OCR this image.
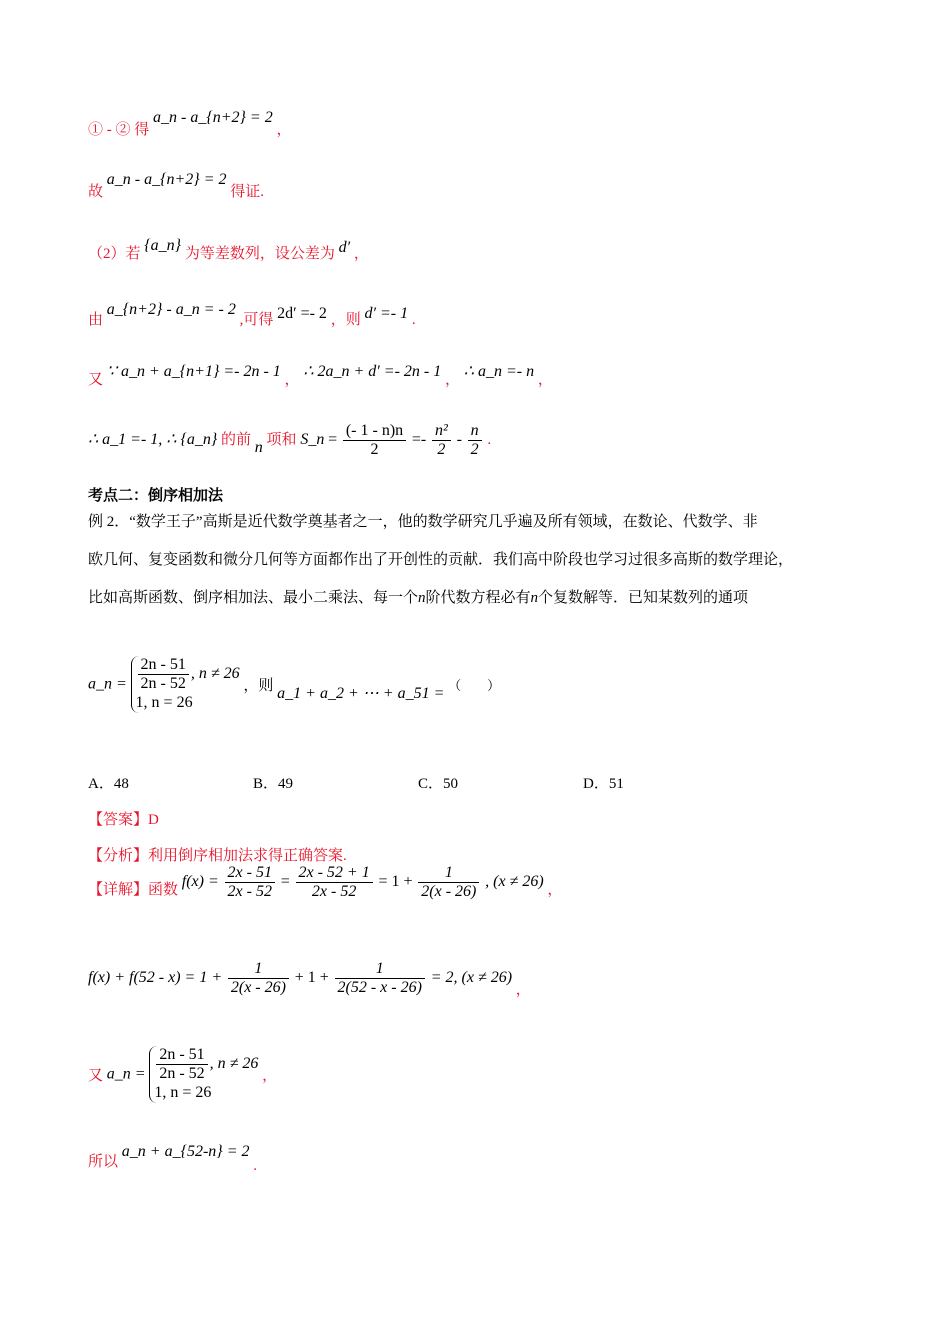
① - ② 得 a_n - a_{n+2} = 2 ，
故 a_n - a_{n+2} = 2 得证.
（2）若 {a_n} 为等差数列，设公差为 d′ ，
由 a_{n+2} - a_n = - 2 ,可得 2d′ =- 2 ，则 d′ =- 1 .
又 ∵ a_n + a_{n+1} =- 2n - 1 ， ∴ 2a_n + d′ =- 2n - 1 ， ∴ a_n =- n ，
∴ a_1 =- 1, ∴ {a_n} 的前 n 项和 S_n = $\frac{(- 1 - n)n}{2} =- \frac{\text{n²}}{2} - \frac{n}{2}$ .
考点二：倒序相加法
例 2．“数学王子”高斯是近代数学奠基者之一，他的数学研究几乎遍及所有领域，在数论、代数学、非
欧几何、复变函数和微分几何等方面都作出了开创性的贡献．我们高中阶段也学习过很多高斯的数学理论，
比如高斯函数、倒序相加法、最小二乘法、每一个n阶代数方程必有n个复数解等．已知某数列的通项
a_n = $\frac{2n - 51}{2n - 52}$ , n ≠ 26
1, n = 26
，则 a_1 + a_2 + ⋯ + a_51 = （　　）
A．48	B．49	C．50	D．51
【答案】D
【分析】利用倒序相加法求得正确答案.
【详解】函数 $f(x) = \frac{2x - 51}{2x - 52} = \frac{2x - 52 + 1}{2x - 52} = 1 + \frac{1}{2(x - 26)}$ , (x ≠ 26) ，
$f(x) + f(52 - x) = 1 + \frac{1}{2(x - 26)} + 1 + \frac{1}{2(52 - x - 26)} = 2$, (x ≠ 26) ，
又 a_n = $\frac{2n - 51}{2n - 52}$ , n ≠ 26
1, n = 26
，
所以 a_n + a_{52-n} = 2 .
